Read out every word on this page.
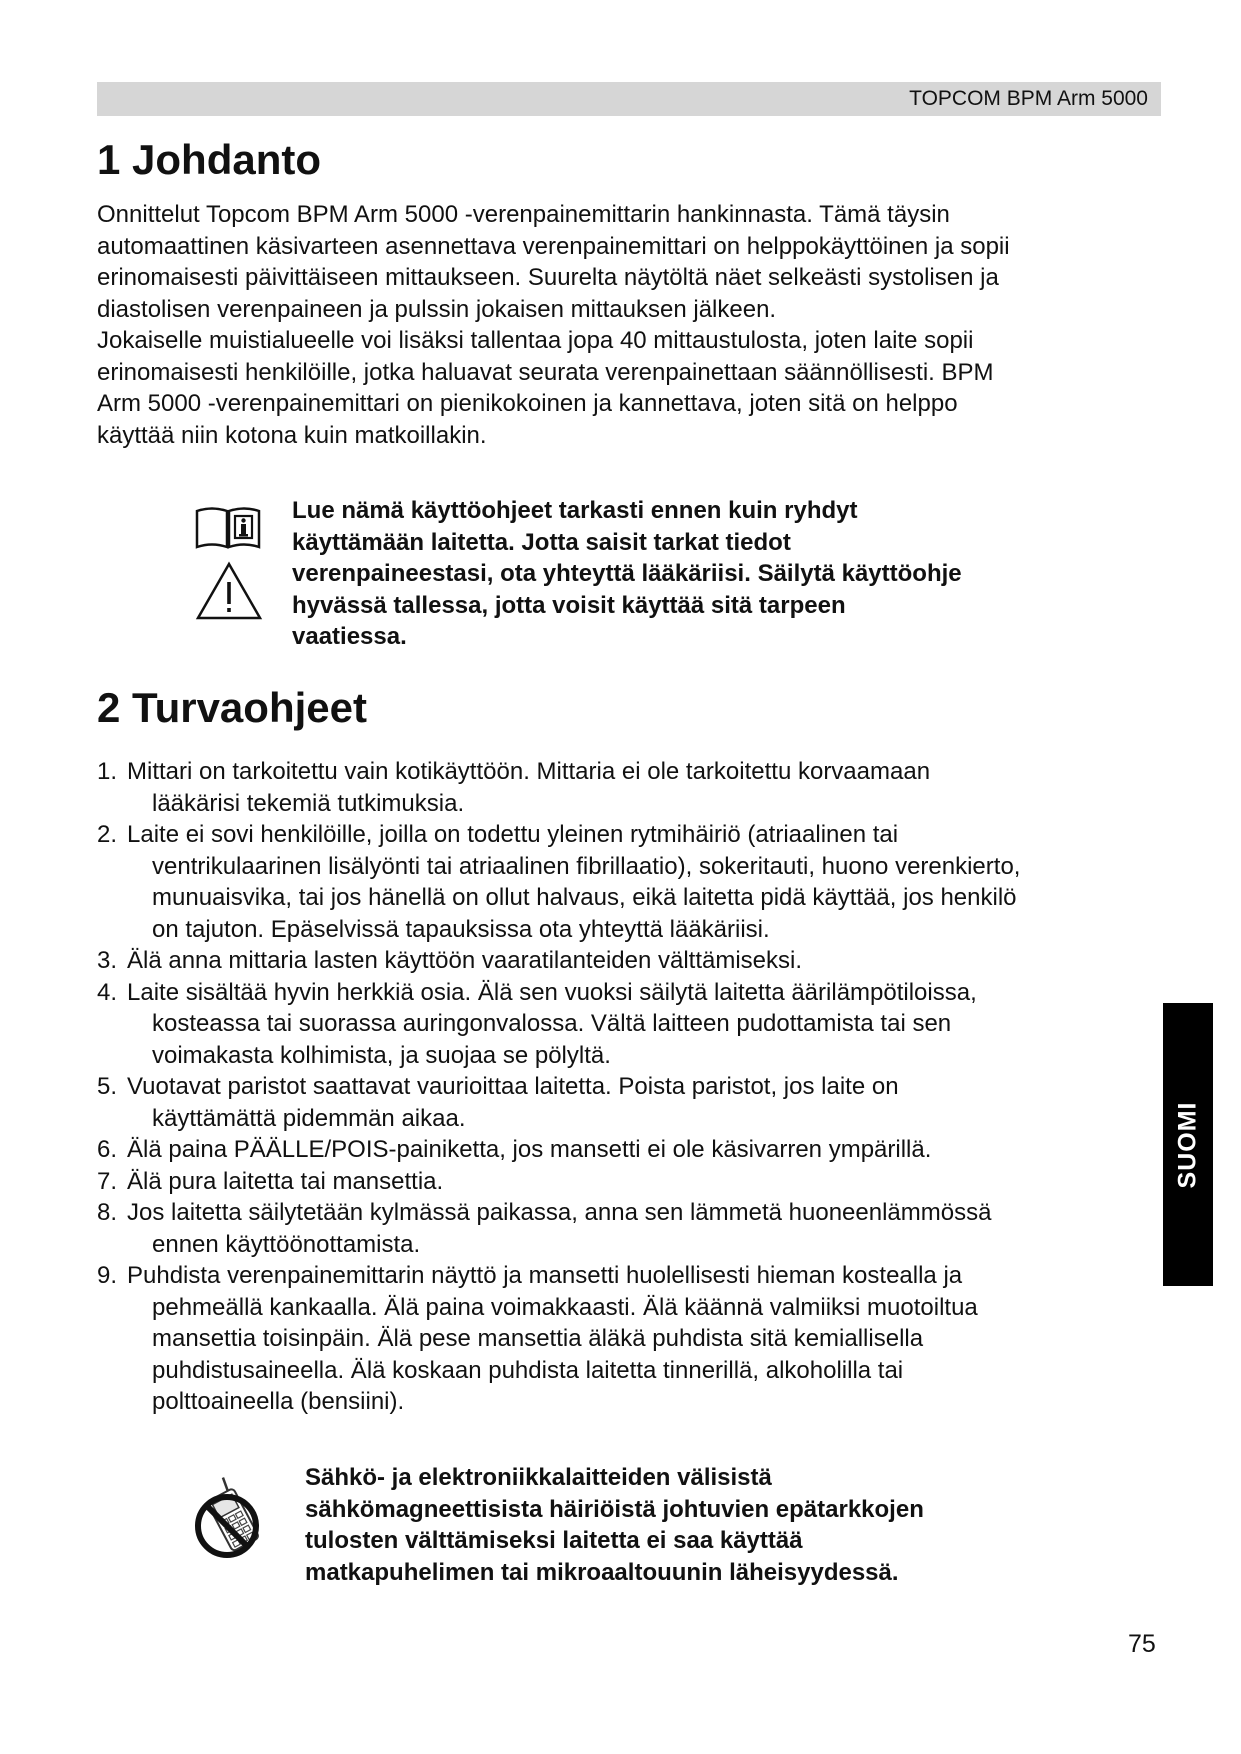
TOPCOM BPM Arm 5000
1 Johdanto

Onnittelut Topcom BPM Arm 5000 -verenpainemittarin hankinnasta. Tämä täysin

automaattinen käsivarteen asennettava verenpainemittari on helppokäyttöinen ja sopii

erinomaisesti päivittäiseen mittaukseen. Suurelta näytöltä näet selkeästi systolisen ja

diastolisen verenpaineen ja pulssin jokaisen mittauksen jälkeen.

Jokaiselle muistialueelle voi lisäksi tallentaa jopa 40 mittaustulosta, joten laite sopii

erinomaisesti henkilöille, jotka haluavat seurata verenpainettaan säännöllisesti. BPM

Arm 5000 -verenpainemittari on pienikokoinen ja kannettava, joten sitä on helppo

käyttää niin kotona kuin matkoillakin.

Lue nämä käyttöohjeet tarkasti ennen kuin ryhdyt

käyttämään laitetta. Jotta saisit tarkat tiedot

verenpaineestasi, ota yhteyttä lääkäriisi. Säilytä käyttöohje

hyvässä tallessa, jotta voisit käyttää sitä tarpeen

vaatiessa.

2 Turvaohjeet
1. Mittari on tarkoitettu vain kotikäyttöön. Mittaria ei ole tarkoitettu korvaamaan

lääkärisi tekemiä tutkimuksia.

2. Laite ei sovi henkilöille, joilla on todettu yleinen rytmihäiriö (atriaalinen tai

ventrikulaarinen lisälyönti tai atriaalinen fibrillaatio), sokeritauti, huono verenkierto,

munuaisvika, tai jos hänellä on ollut halvaus, eikä laitetta pidä käyttää, jos henkilö

on tajuton. Epäselvissä tapauksissa ota yhteyttä lääkäriisi.

3. Älä anna mittaria lasten käyttöön vaaratilanteiden välttämiseksi.

4. Laite sisältää hyvin herkkiä osia. Älä sen vuoksi säilytä laitetta äärilämpötiloissa,

kosteassa tai suorassa auringonvalossa. Vältä laitteen pudottamista tai sen

voimakasta kolhimista, ja suojaa se pölyltä.

5. Vuotavat paristot saattavat vaurioittaa laitetta. Poista paristot, jos laite on

käyttämättä pidemmän aikaa.

6. Älä paina PÄÄLLE/POIS-painiketta, jos mansetti ei ole käsivarren ympärillä.

7. Älä pura laitetta tai mansettia.

8. Jos laitetta säilytetään kylmässä paikassa, anna sen lämmetä huoneenlämmössä

ennen käyttöönottamista.

9. Puhdista verenpainemittarin näyttö ja mansetti huolellisesti hieman kostealla ja

pehmeällä kankaalla. Älä paina voimakkaasti. Älä käännä valmiiksi muotoiltua

mansettia toisinpäin. Älä pese mansettia äläkä puhdista sitä kemiallisella

puhdistusaineella. Älä koskaan puhdista laitetta tinnerillä, alkoholilla tai

polttoaineella (bensiini).

Sähkö- ja elektroniikkalaitteiden välisistä

sähkömagneettisista häiriöistä johtuvien epätarkkojen

tulosten välttämiseksi laitetta ei saa käyttää

matkapuhelimen tai mikroaaltouunin läheisyydessä.

SUOMI
75
